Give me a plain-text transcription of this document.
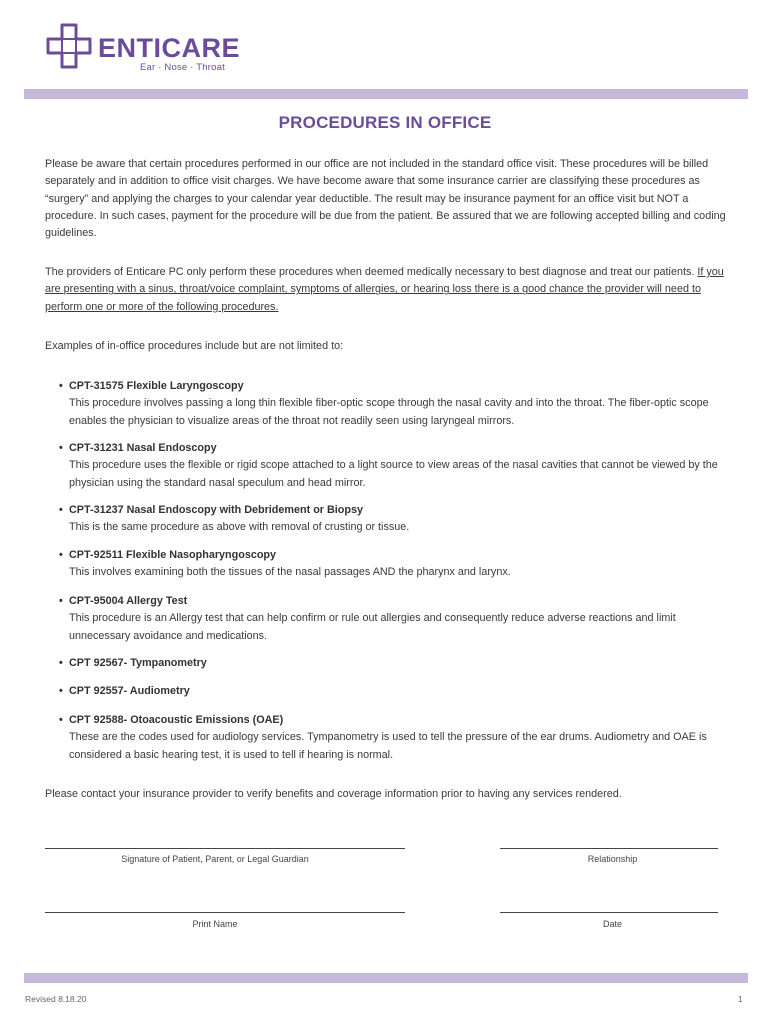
ENTICARE
Ear · Nose · Throat
PROCEDURES IN OFFICE
Please be aware that certain procedures performed in our office are not included in the standard office visit. These procedures will be billed separately and in addition to office visit charges. We have become aware that some insurance carrier are classifying these procedures as “surgery” and applying the charges to your calendar year deductible. The result may be insurance payment for an office visit but NOT a procedure. In such cases, payment for the procedure will be due from the patient. Be assured that we are following accepted billing and coding guidelines.
The providers of Enticare PC only perform these procedures when deemed medically necessary to best diagnose and treat our patients. If you are presenting with a sinus, throat/voice complaint, symptoms of allergies, or hearing loss there is a good chance the provider will need to perform one or more of the following procedures.
Examples of in-office procedures include but are not limited to:
• CPT-31575 Flexible Laryngoscopy
This procedure involves passing a long thin flexible fiber-optic scope through the nasal cavity and into the throat. The fiber-optic scope enables the physician to visualize areas of the throat not readily seen using laryngeal mirrors.
• CPT-31231 Nasal Endoscopy
This procedure uses the flexible or rigid scope attached to a light source to view areas of the nasal cavities that cannot be viewed by the physician using the standard nasal speculum and head mirror.
• CPT-31237 Nasal Endoscopy with Debridement or Biopsy
This is the same procedure as above with removal of crusting or tissue.
• CPT-92511 Flexible Nasopharyngoscopy
This involves examining both the tissues of the nasal passages AND the pharynx and larynx.
• CPT-95004 Allergy Test
This procedure is an Allergy test that can help confirm or rule out allergies and consequently reduce adverse reactions and limit unnecessary avoidance and medications.
• CPT 92567- Tympanometry
• CPT 92557- Audiometry
• CPT 92588- Otoacoustic Emissions (OAE)
These are the codes used for audiology services. Tympanometry is used to tell the pressure of the ear drums. Audiometry and OAE is considered a basic hearing test, it is used to tell if hearing is normal.
Please contact your insurance provider to verify benefits and coverage information prior to having any services rendered.
Signature of Patient, Parent, or Legal Guardian	Relationship
Print Name	Date
Revised 8.18.20	1
